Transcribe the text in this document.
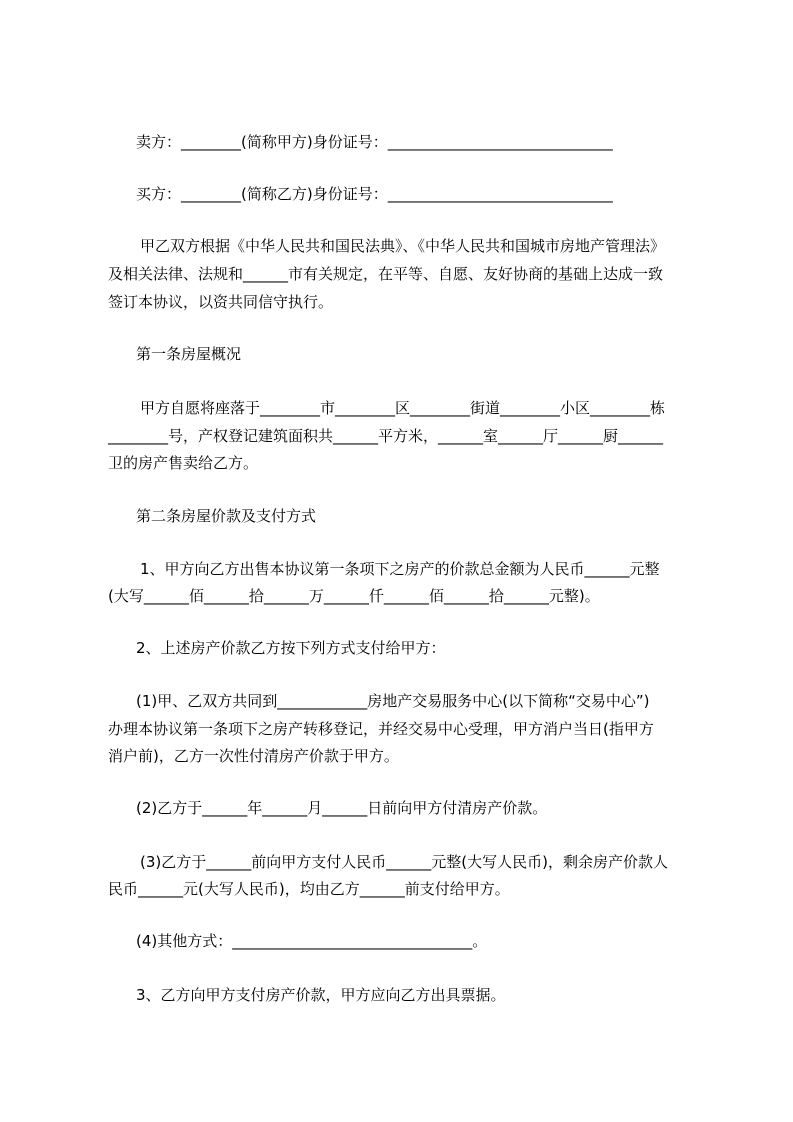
卖方：________(简称甲方)身份证号：______________________________
买方：________(简称乙方)身份证号：______________________________
甲乙双方根据《中华人民共和国民法典》、《中华人民共和国城市房地产管理法》
及相关法律、法规和______市有关规定，在平等、自愿、友好协商的基础上达成一致
签订本协议，以资共同信守执行。
第一条房屋概况
甲方自愿将座落于________市________区________街道________小区________栋
________号，产权登记建筑面积共______平方米，______室______厅______厨______
卫的房产售卖给乙方。
第二条房屋价款及支付方式
1、甲方向乙方出售本协议第一条项下之房产的价款总金额为人民币______元整
(大写______佰______拾______万______仟______佰______拾______元整)。
2、上述房产价款乙方按下列方式支付给甲方：
(1)甲、乙双方共同到____________房地产交易服务中心(以下简称“交易中心”)
办理本协议第一条项下之房产转移登记，并经交易中心受理，甲方消户当日(指甲方
消户前)，乙方一次性付清房产价款于甲方。
(2)乙方于______年______月______日前向甲方付清房产价款。
(3)乙方于______前向甲方支付人民币______元整(大写人民币)，剩余房产价款人
民币______元(大写人民币)，均由乙方______前支付给甲方。
(4)其他方式：________________________________。
3、乙方向甲方支付房产价款，甲方应向乙方出具票据。
